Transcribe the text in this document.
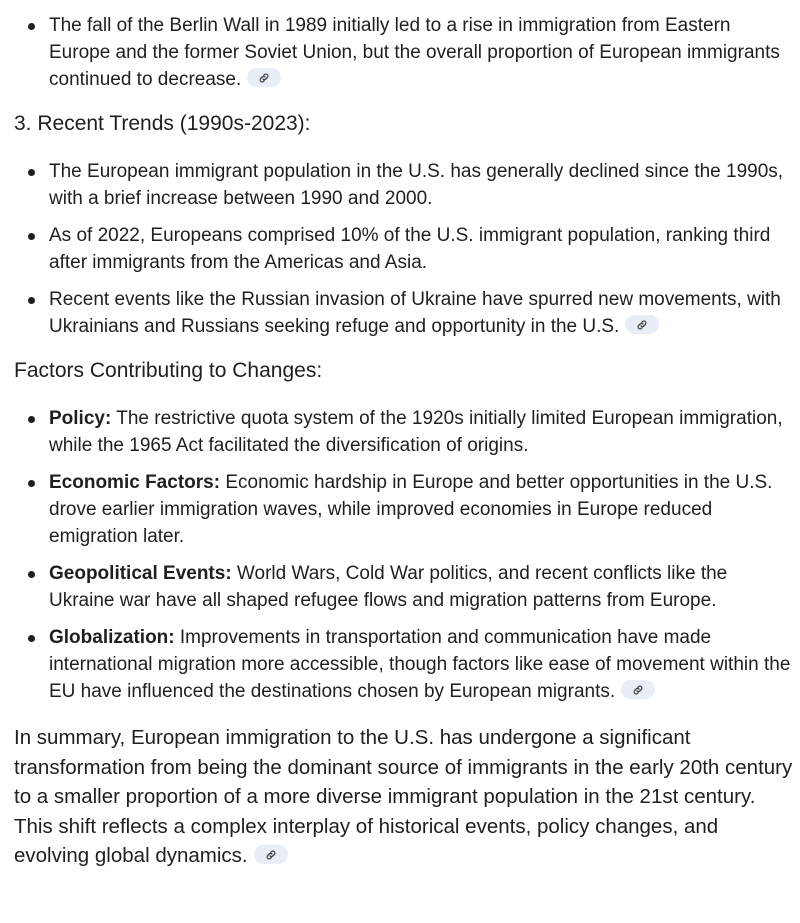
The fall of the Berlin Wall in 1989 initially led to a rise in immigration from Eastern Europe and the former Soviet Union, but the overall proportion of European immigrants continued to decrease.

3. Recent Trends (1990s-2023):

The European immigrant population in the U.S. has generally declined since the 1990s, with a brief increase between 1990 and 2000.
As of 2022, Europeans comprised 10% of the U.S. immigrant population, ranking third after immigrants from the Americas and Asia.
Recent events like the Russian invasion of Ukraine have spurred new movements, with Ukrainians and Russians seeking refuge and opportunity in the U.S.

Factors Contributing to Changes:

Policy: The restrictive quota system of the 1920s initially limited European immigration, while the 1965 Act facilitated the diversification of origins.
Economic Factors: Economic hardship in Europe and better opportunities in the U.S. drove earlier immigration waves, while improved economies in Europe reduced emigration later.
Geopolitical Events: World Wars, Cold War politics, and recent conflicts like the Ukraine war have all shaped refugee flows and migration patterns from Europe.
Globalization: Improvements in transportation and communication have made international migration more accessible, though factors like ease of movement within the EU have influenced the destinations chosen by European migrants.

In summary, European immigration to the U.S. has undergone a significant transformation from being the dominant source of immigrants in the early 20th century to a smaller proportion of a more diverse immigrant population in the 21st century. This shift reflects a complex interplay of historical events, policy changes, and evolving global dynamics.
